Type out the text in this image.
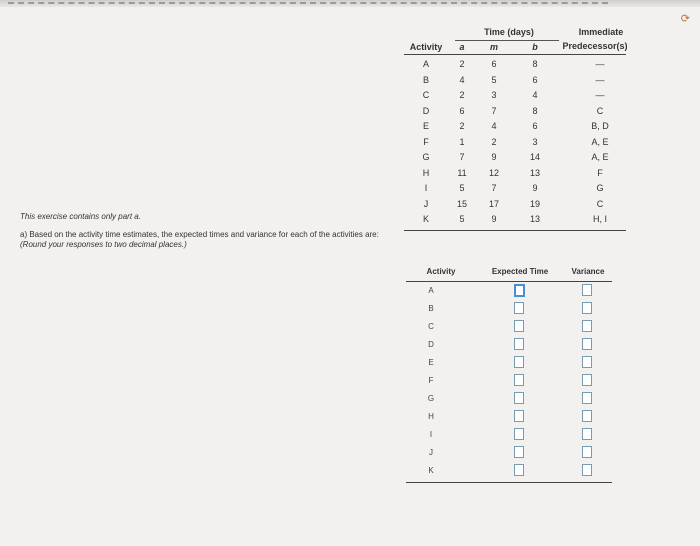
⟳
Time (days)	Immediate
Predecessor(s)
Activity	a	m	b
A	2	6	8	—
B	4	5	6	—
C	2	3	4	—
D	6	7	8	C
E	2	4	6	B, D
F	1	2	3	A, E
G	7	9	14	A, E
H	11	12	13	F
I	5	7	9	G
J	15	17	19	C
K	5	9	13	H, I
This exercise contains only part a.
a) Based on the activity time estimates, the expected times and variance for each of the activities are:
(Round your responses to two decimal places.)
Activity	Expected Time	Variance
A
B
C
D
E
F
G
H
I
J
K
